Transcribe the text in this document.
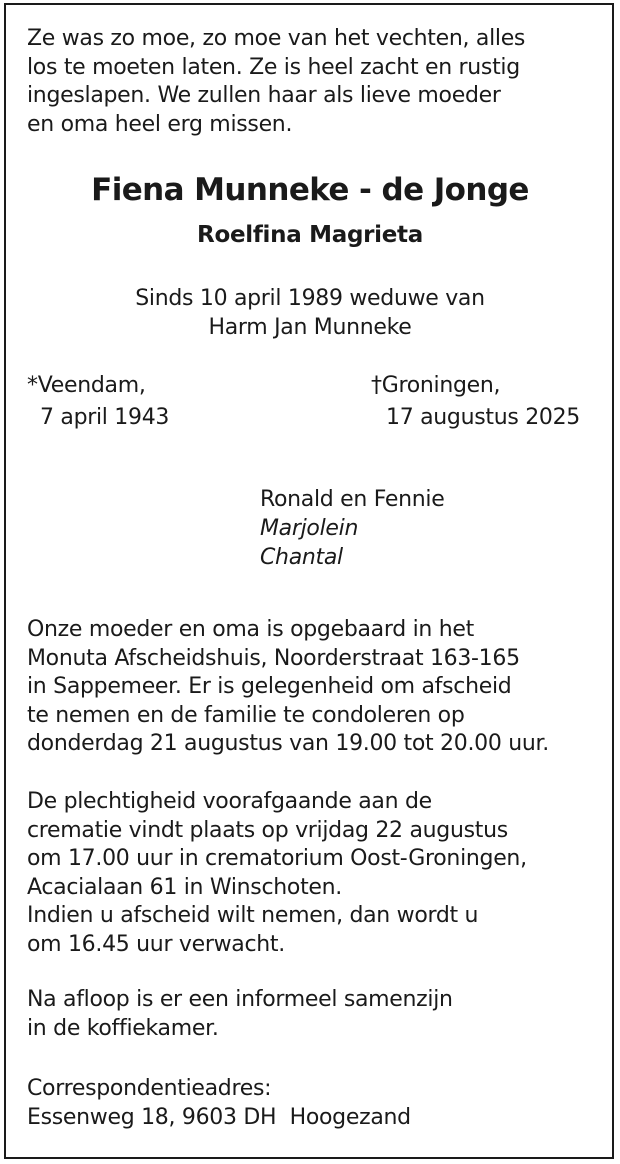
Ze was zo moe, zo moe van het vechten, alles
los te moeten laten. Ze is heel zacht en rustig
ingeslapen. We zullen haar als lieve moeder
en oma heel erg missen.
Fiena Munneke - de Jonge
Roelfina Magrieta
Sinds 10 april 1989 weduwe van
Harm Jan Munneke
*Veendam,
7 april 1943
†Groningen,
17 augustus 2025
Ronald en Fennie
Marjolein
Chantal
Onze moeder en oma is opgebaard in het
Monuta Afscheidshuis, Noorderstraat 163-165
in Sappemeer. Er is gelegenheid om afscheid
te nemen en de familie te condoleren op
donderdag 21 augustus van 19.00 tot 20.00 uur.
De plechtigheid voorafgaande aan de
crematie vindt plaats op vrijdag 22 augustus
om 17.00 uur in crematorium Oost-Groningen,
Acacialaan 61 in Winschoten.
Indien u afscheid wilt nemen, dan wordt u
om 16.45 uur verwacht.
Na afloop is er een informeel samenzijn
in de koffiekamer.
Correspondentieadres:
Essenweg 18, 9603 DH  Hoogezand
